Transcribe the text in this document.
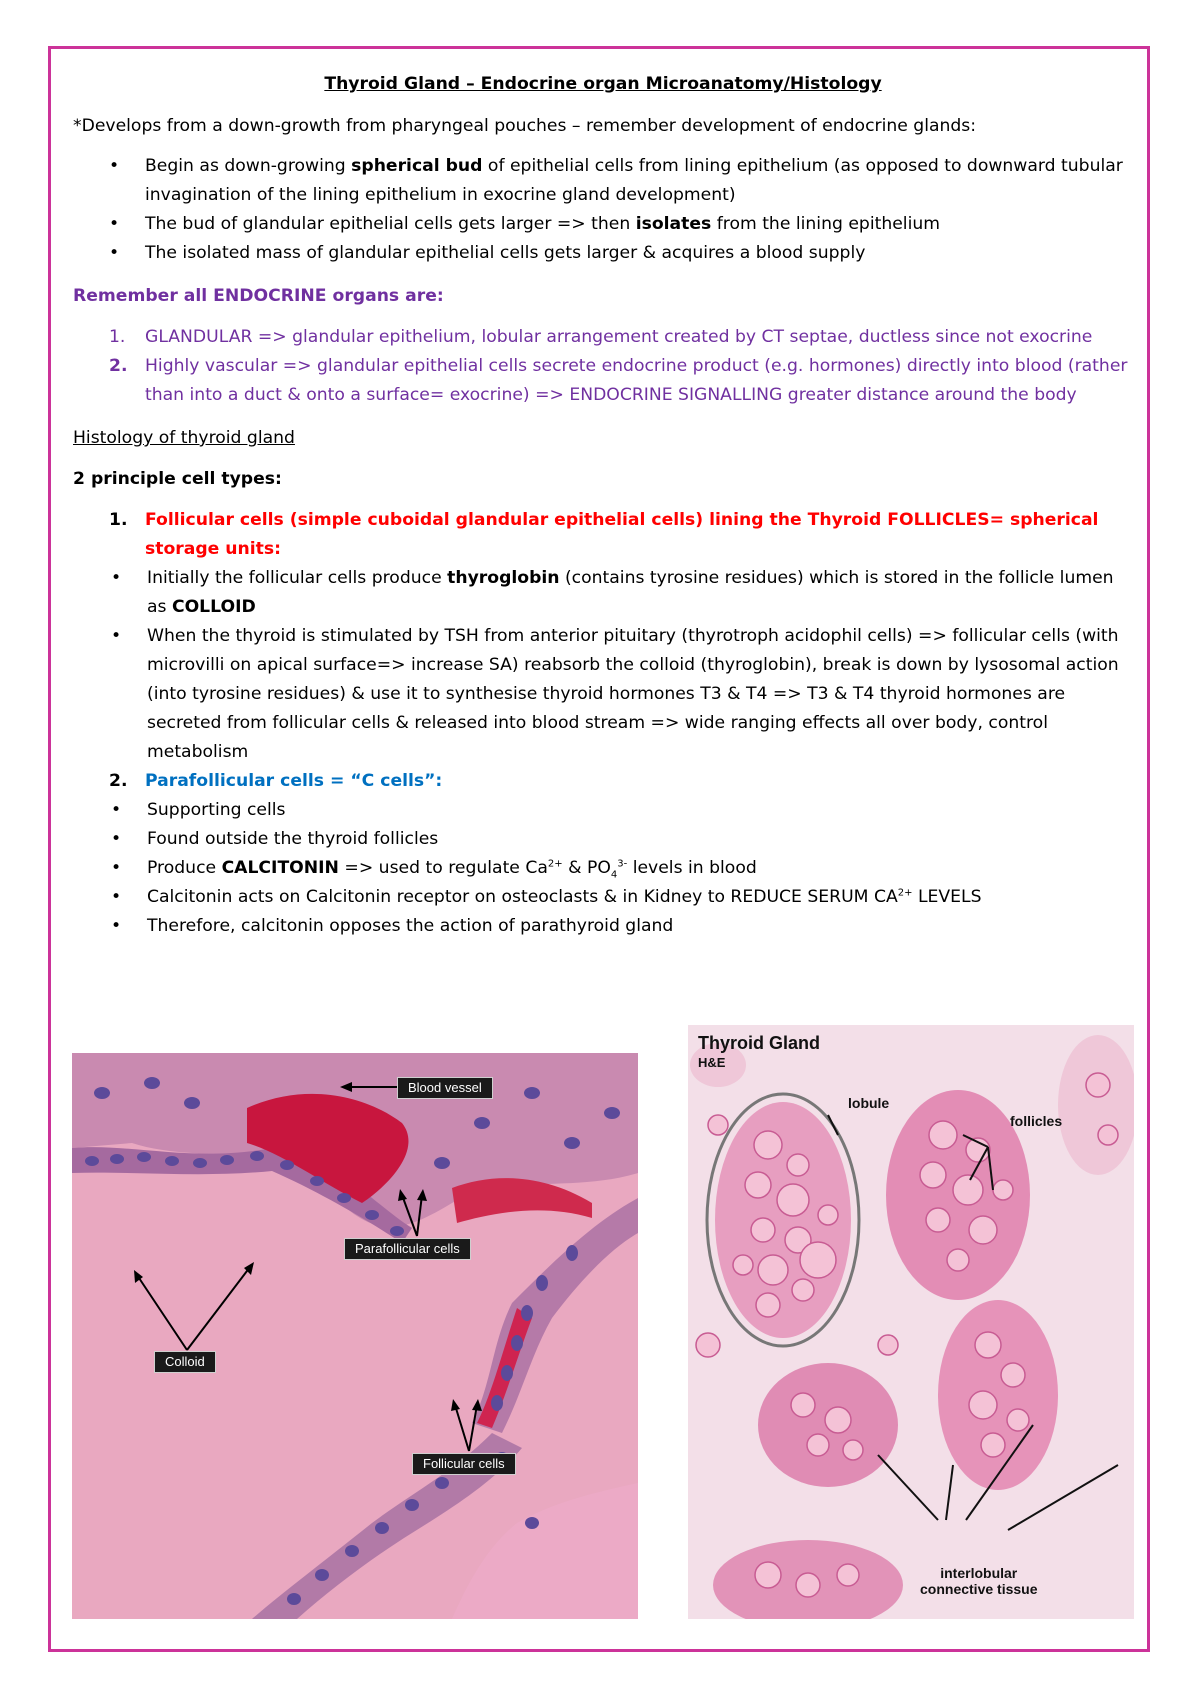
Thyroid Gland – Endocrine organ Microanatomy/Histology

*Develops from a down-growth from pharyngeal pouches – remember development of endocrine glands:

• Begin as down-growing spherical bud of epithelial cells from lining epithelium (as opposed to downward tubular invagination of the lining epithelium in exocrine gland development)
• The bud of glandular epithelial cells gets larger => then isolates from the lining epithelium
• The isolated mass of glandular epithelial cells gets larger & acquires a blood supply

Remember all ENDOCRINE organs are:

1. GLANDULAR => glandular epithelium, lobular arrangement created by CT septae, ductless since not exocrine
2. Highly vascular => glandular epithelial cells secrete endocrine product (e.g. hormones) directly into blood (rather than into a duct & onto a surface= exocrine) => ENDOCRINE SIGNALLING greater distance around the body

Histology of thyroid gland

2 principle cell types:

1. Follicular cells (simple cuboidal glandular epithelial cells) lining the Thyroid FOLLICLES= spherical storage units:
• Initially the follicular cells produce thyroglobin (contains tyrosine residues) which is stored in the follicle lumen as COLLOID
• When the thyroid is stimulated by TSH from anterior pituitary (thyrotroph acidophil cells) => follicular cells (with microvilli on apical surface=> increase SA) reabsorb the colloid (thyroglobin), break is down by lysosomal action (into tyrosine residues) & use it to synthesise thyroid hormones T3 & T4 => T3 & T4 thyroid hormones are secreted from follicular cells & released into blood stream => wide ranging effects all over body, control metabolism
2. Parafollicular cells = “C cells”:
• Supporting cells
• Found outside the thyroid follicles
• Produce CALCITONIN => used to regulate $Ca^{2+}$ & $PO_4^{3-}$ levels in blood
• Calcitonin acts on Calcitonin receptor on osteoclasts & in Kidney to REDUCE SERUM $CA^{2+}$ LEVELS
• Therefore, calcitonin opposes the action of parathyroid gland
Blood vessel
Parafollicular cells
Colloid
Follicular cells
Thyroid Gland
H&E
lobule
follicles
interlobular
connective tissue
